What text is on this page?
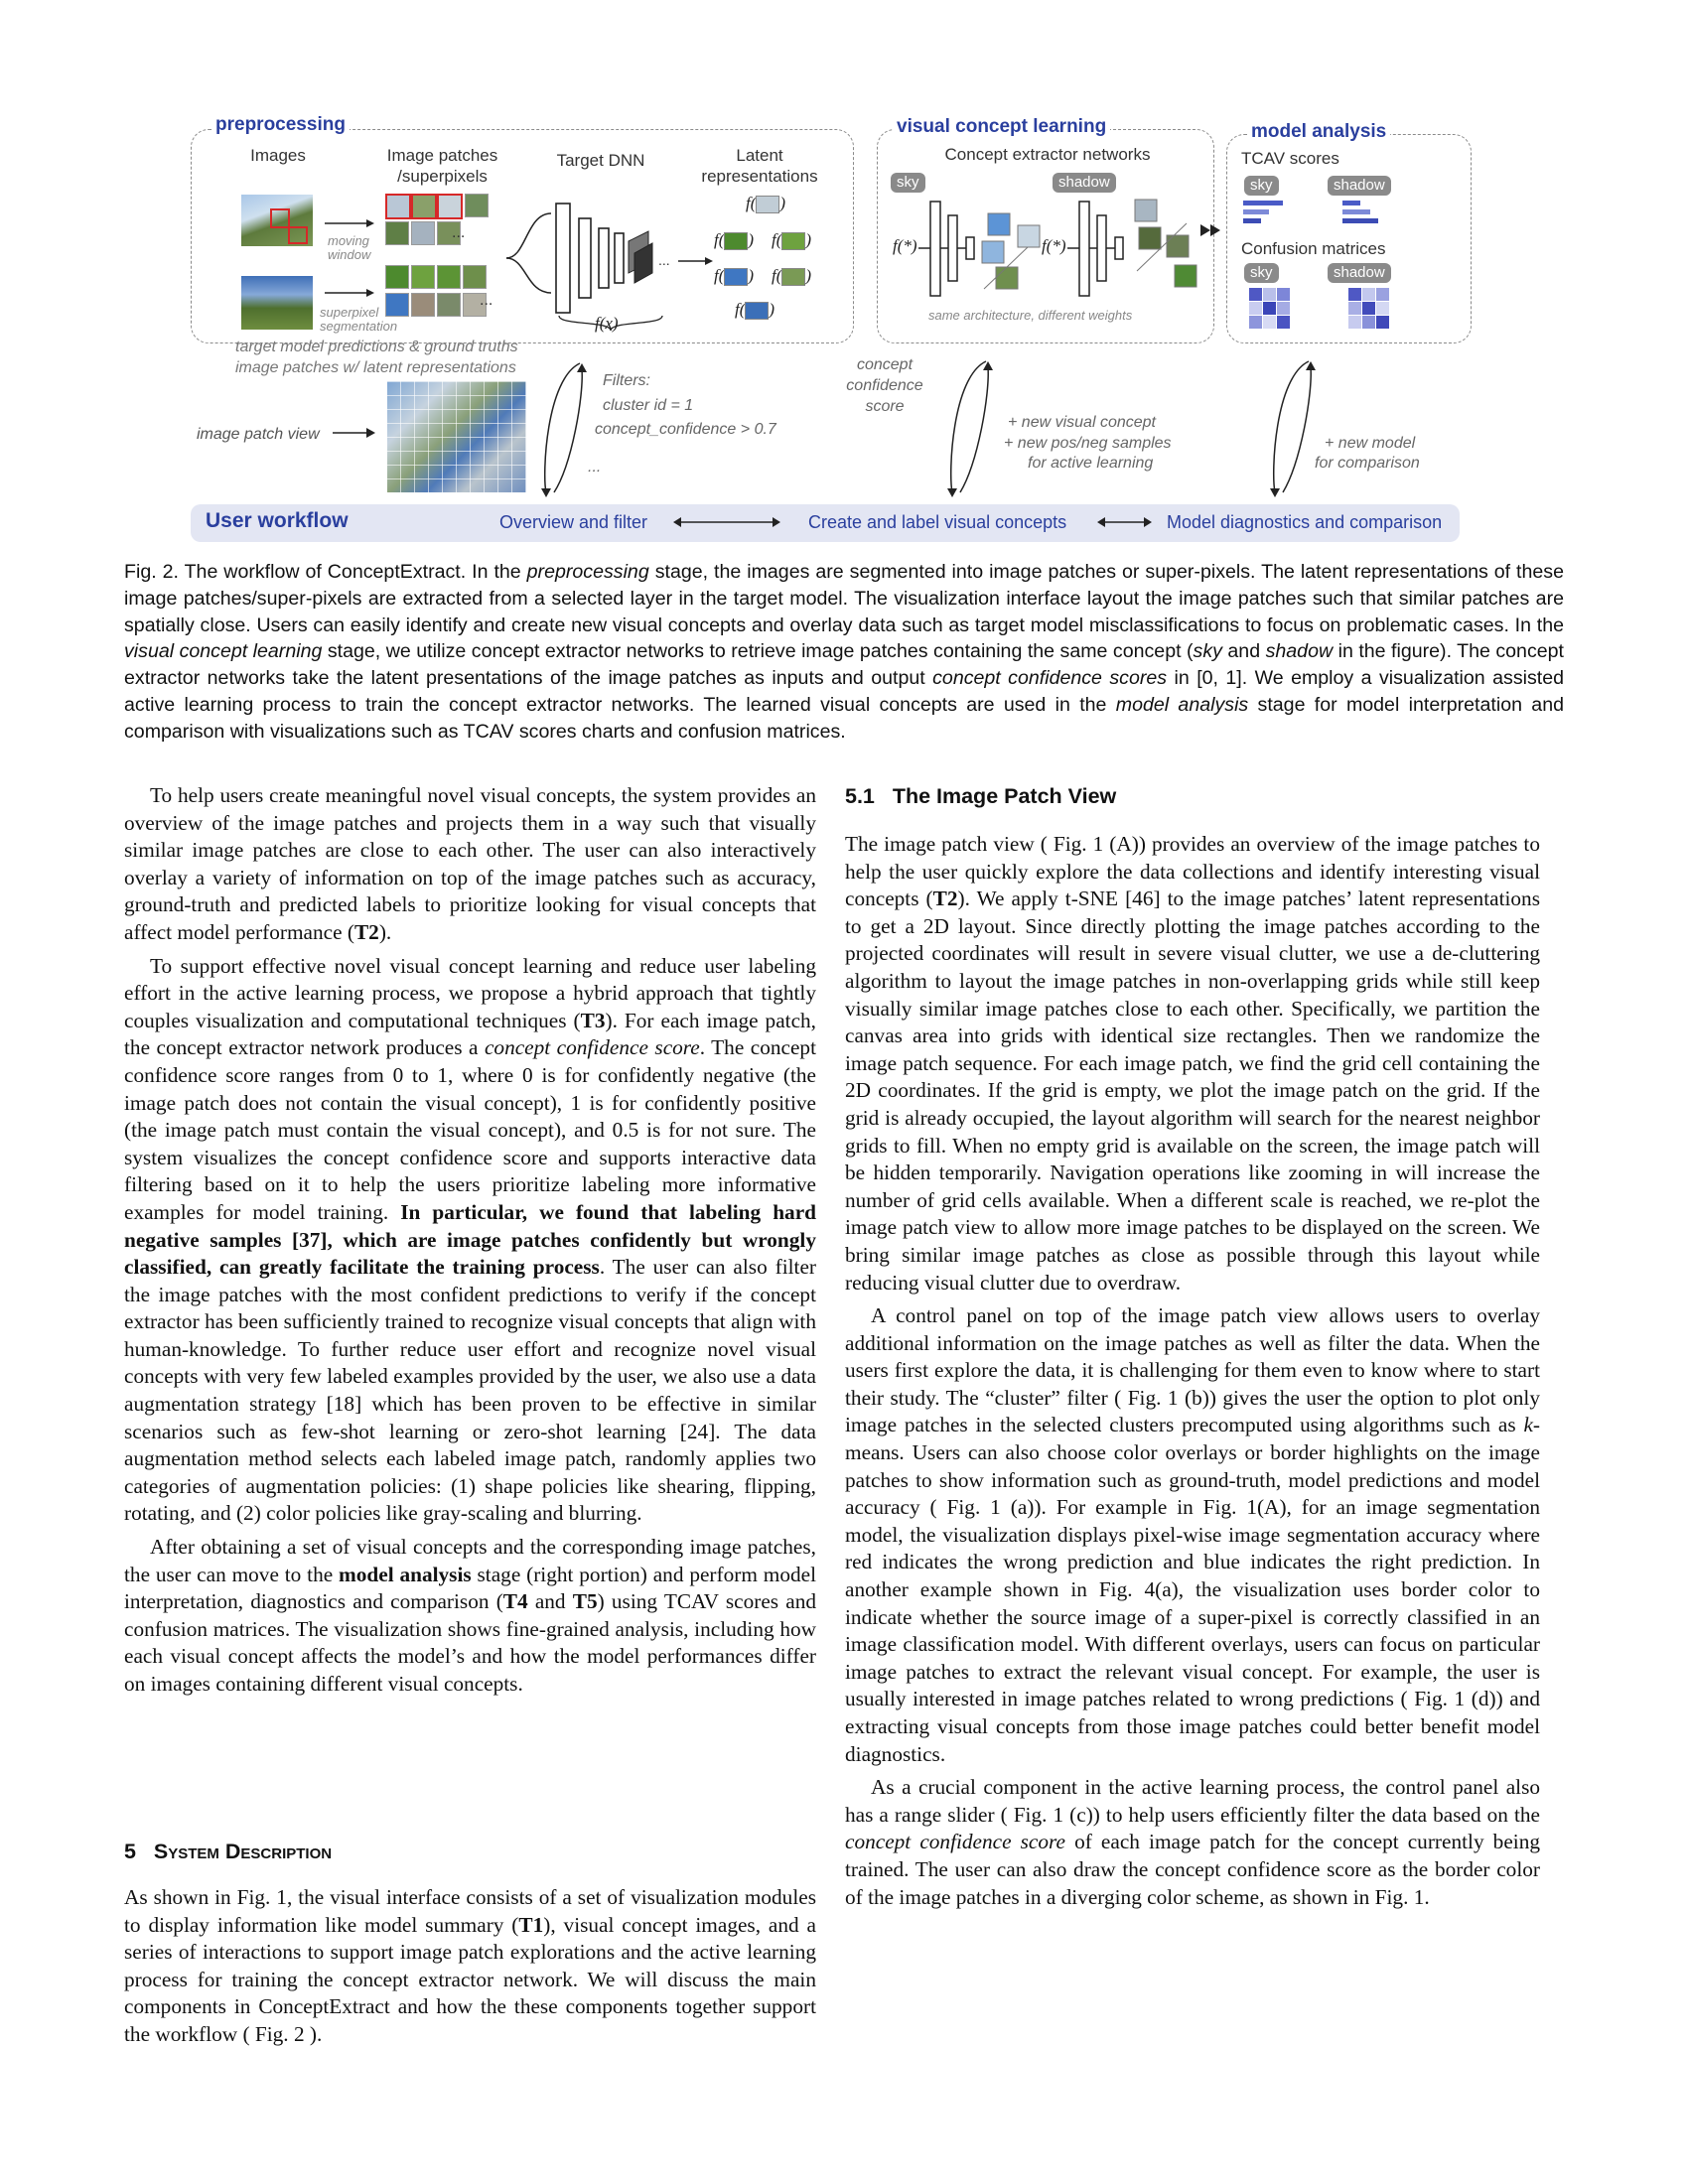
preprocessing	visual concept learning	model analysis
Images	Image patches /superpixels
Target DNN	Latent representations
Concept extractor networks	TCAV scores
Confusion matrices
moving window
superpixel segmentation
...
...
...
f(x)
f( )
f( ) f( )
f( ) f( )
f( )
sky	shadow
f(*)	f(*)
same architecture, different weights
sky	shadow
sky	shadow
target model predictions & ground truths
image patches w/ latent representations
image patch view
Filters:
cluster id = 1
concept_confidence > 0.7
...
concept confidence score
+ new visual concept
+ new pos/neg samples
for active learning
+ new model
for comparison
User workflow	Overview and filter	Create and label visual concepts	Model diagnostics and comparison
Fig. 2. The workflow of ConceptExtract. In the preprocessing stage, the images are segmented into image patches or super-pixels. The latent representations of these image patches/super-pixels are extracted from a selected layer in the target model. The visualization interface layout the image patches such that similar patches are spatially close. Users can easily identify and create new visual concepts and overlay data such as target model misclassifications to focus on problematic cases. In the visual concept learning stage, we utilize concept extractor networks to retrieve image patches containing the same concept (sky and shadow in the figure). The concept extractor networks take the latent presentations of the image patches as inputs and output concept confidence scores in [0, 1]. We employ a visualization assisted active learning process to train the concept extractor networks. The learned visual concepts are used in the model analysis stage for model interpretation and comparison with visualizations such as TCAV scores charts and confusion matrices.

To help users create meaningful novel visual concepts, the system provides an overview of the image patches and projects them in a way such that visually similar image patches are close to each other. The user can also interactively overlay a variety of information on top of the image patches such as accuracy, ground-truth and predicted labels to prioritize looking for visual concepts that affect model performance (T2).

To support effective novel visual concept learning and reduce user labeling effort in the active learning process, we propose a hybrid approach that tightly couples visualization and computational techniques (T3). For each image patch, the concept extractor network produces a concept confidence score. The concept confidence score ranges from 0 to 1, where 0 is for confidently negative (the image patch does not contain the visual concept), 1 is for confidently positive (the image patch must contain the visual concept), and 0.5 is for not sure. The system visualizes the concept confidence score and supports interactive data filtering based on it to help the users prioritize labeling more informative examples for model training. In particular, we found that labeling hard negative samples [37], which are image patches confidently but wrongly classified, can greatly facilitate the training process. The user can also filter the image patches with the most confident predictions to verify if the concept extractor has been sufficiently trained to recognize visual concepts that align with human-knowledge. To further reduce user effort and recognize novel visual concepts with very few labeled examples provided by the user, we also use a data augmentation strategy [18] which has been proven to be effective in similar scenarios such as few-shot learning or zero-shot learning [24]. The data augmentation method selects each labeled image patch, randomly applies two categories of augmentation policies: (1) shape policies like shearing, flipping, rotating, and (2) color policies like gray-scaling and blurring.

After obtaining a set of visual concepts and the corresponding image patches, the user can move to the model analysis stage (right portion) and perform model interpretation, diagnostics and comparison (T4 and T5) using TCAV scores and confusion matrices. The visualization shows fine-grained analysis, including how each visual concept affects the model’s and how the model performances differ on images containing different visual concepts.

5 System Description

As shown in Fig. 1, the visual interface consists of a set of visualization modules to display information like model summary (T1), visual concept images, and a series of interactions to support image patch explorations and the active learning process for training the concept extractor network. We will discuss the main components in ConceptExtract and how the these components together support the workflow ( Fig. 2 ).

5.1 The Image Patch View

The image patch view ( Fig. 1 (A)) provides an overview of the image patches to help the user quickly explore the data collections and identify interesting visual concepts (T2). We apply t-SNE [46] to the image patches’ latent representations to get a 2D layout. Since directly plotting the image patches according to the projected coordinates will result in severe visual clutter, we use a de-cluttering algorithm to layout the image patches in non-overlapping grids while still keep visually similar image patches close to each other. Specifically, we partition the canvas area into grids with identical size rectangles. Then we randomize the image patch sequence. For each image patch, we find the grid cell containing the 2D coordinates. If the grid is empty, we plot the image patch on the grid. If the grid is already occupied, the layout algorithm will search for the nearest neighbor grids to fill. When no empty grid is available on the screen, the image patch will be hidden temporarily. Navigation operations like zooming in will increase the number of grid cells available. When a different scale is reached, we re-plot the image patch view to allow more image patches to be displayed on the screen. We bring similar image patches as close as possible through this layout while reducing visual clutter due to overdraw.

A control panel on top of the image patch view allows users to overlay additional information on the image patches as well as filter the data. When the users first explore the data, it is challenging for them even to know where to start their study. The “cluster” filter ( Fig. 1 (b)) gives the user the option to plot only image patches in the selected clusters precomputed using algorithms such as k-means. Users can also choose color overlays or border highlights on the image patches to show information such as ground-truth, model predictions and model accuracy ( Fig. 1 (a)). For example in Fig. 1(A), for an image segmentation model, the visualization displays pixel-wise image segmentation accuracy where red indicates the wrong prediction and blue indicates the right prediction. In another example shown in Fig. 4(a), the visualization uses border color to indicate whether the source image of a super-pixel is correctly classified in an image classification model. With different overlays, users can focus on particular image patches to extract the relevant visual concept. For example, the user is usually interested in image patches related to wrong predictions ( Fig. 1 (d)) and extracting visual concepts from those image patches could better benefit model diagnostics.

As a crucial component in the active learning process, the control panel also has a range slider ( Fig. 1 (c)) to help users efficiently filter the data based on the concept confidence score of each image patch for the concept currently being trained. The user can also draw the concept confidence score as the border color of the image patches in a diverging color scheme, as shown in Fig. 1.
